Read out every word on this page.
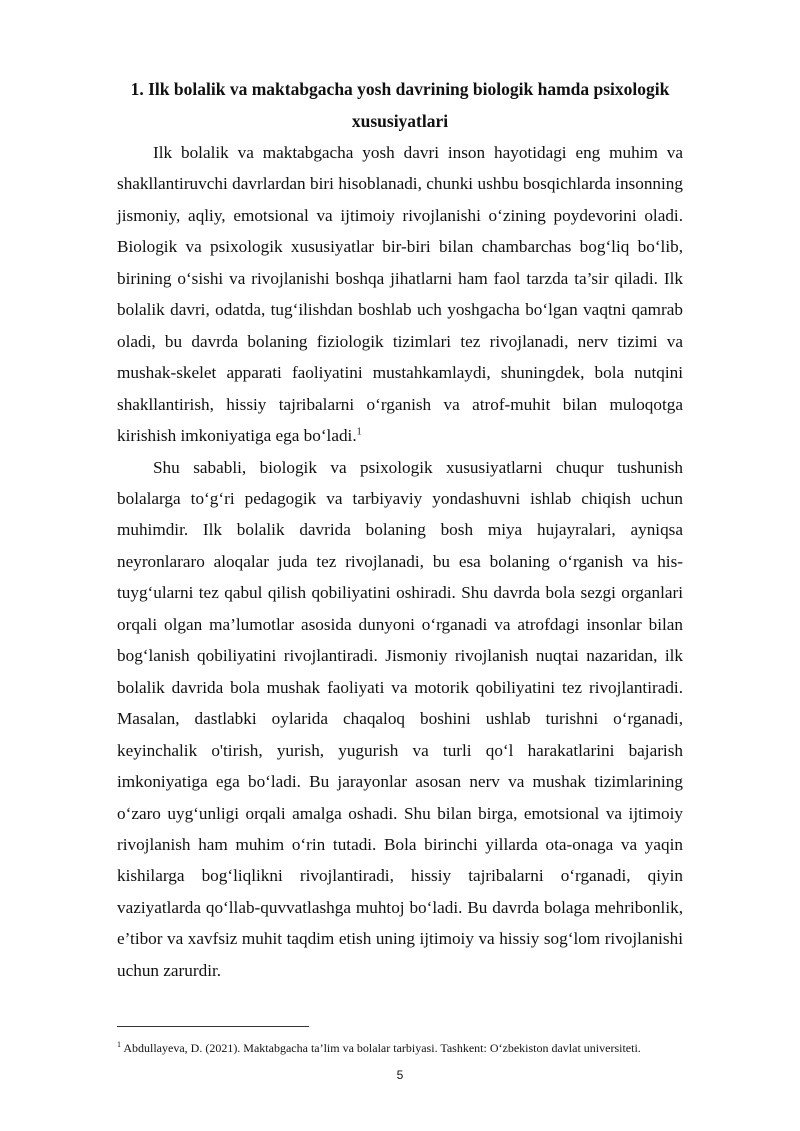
1. Ilk bolalik va maktabgacha yosh davrining biologik hamda psixologik
xususiyatlari

Ilk bolalik va maktabgacha yosh davri inson hayotidagi eng muhim va shakllantiruvchi davrlardan biri hisoblanadi, chunki ushbu bosqichlarda insonning jismoniy, aqliy, emotsional va ijtimoiy rivojlanishi o‘zining poydevorini oladi. Biologik va psixologik xususiyatlar bir-biri bilan chambarchas bog‘liq bo‘lib, birining o‘sishi va rivojlanishi boshqa jihatlarni ham faol tarzda ta’sir qiladi. Ilk bolalik davri, odatda, tug‘ilishdan boshlab uch yoshgacha bo‘lgan vaqtni qamrab oladi, bu davrda bolaning fiziologik tizimlari tez rivojlanadi, nerv tizimi va mushak-skelet apparati faoliyatini mustahkamlaydi, shuningdek, bola nutqini shakllantirish, hissiy tajribalarni o‘rganish va atrof-muhit bilan muloqotga kirishish imkoniyatiga ega bo‘ladi.$^1$

Shu sababli, biologik va psixologik xususiyatlarni chuqur tushunish bolalarga to‘g‘ri pedagogik va tarbiyaviy yondashuvni ishlab chiqish uchun muhimdir. Ilk bolalik davrida bolaning bosh miya hujayralari, ayniqsa neyronlararo aloqalar juda tez rivojlanadi, bu esa bolaning o‘rganish va his-tuyg‘ularni tez qabul qilish qobiliyatini oshiradi. Shu davrda bola sezgi organlari orqali olgan ma’lumotlar asosida dunyoni o‘rganadi va atrofdagi insonlar bilan bog‘lanish qobiliyatini rivojlantiradi. Jismoniy rivojlanish nuqtai nazaridan, ilk bolalik davrida bola mushak faoliyati va motorik qobiliyatini tez rivojlantiradi. Masalan, dastlabki oylarida chaqaloq boshini ushlab turishni o‘rganadi, keyinchalik o'tirish, yurish, yugurish va turli qo‘l harakatlarini bajarish imkoniyatiga ega bo‘ladi. Bu jarayonlar asosan nerv va mushak tizimlarining o‘zaro uyg‘unligi orqali amalga oshadi. Shu bilan birga, emotsional va ijtimoiy rivojlanish ham muhim o‘rin tutadi. Bola birinchi yillarda ota-onaga va yaqin kishilarga bog‘liqlikni rivojlantiradi, hissiy tajribalarni o‘rganadi, qiyin vaziyatlarda qo‘llab-quvvatlashga muhtoj bo‘ladi. Bu davrda bolaga mehribonlik, e’tibor va xavfsiz muhit taqdim etish uning ijtimoiy va hissiy sog‘lom rivojlanishi uchun zarurdir.

$^1$ Abdullayeva, D. (2021). Maktabgacha ta’lim va bolalar tarbiyasi. Tashkent: O‘zbekiston davlat universiteti.

5
